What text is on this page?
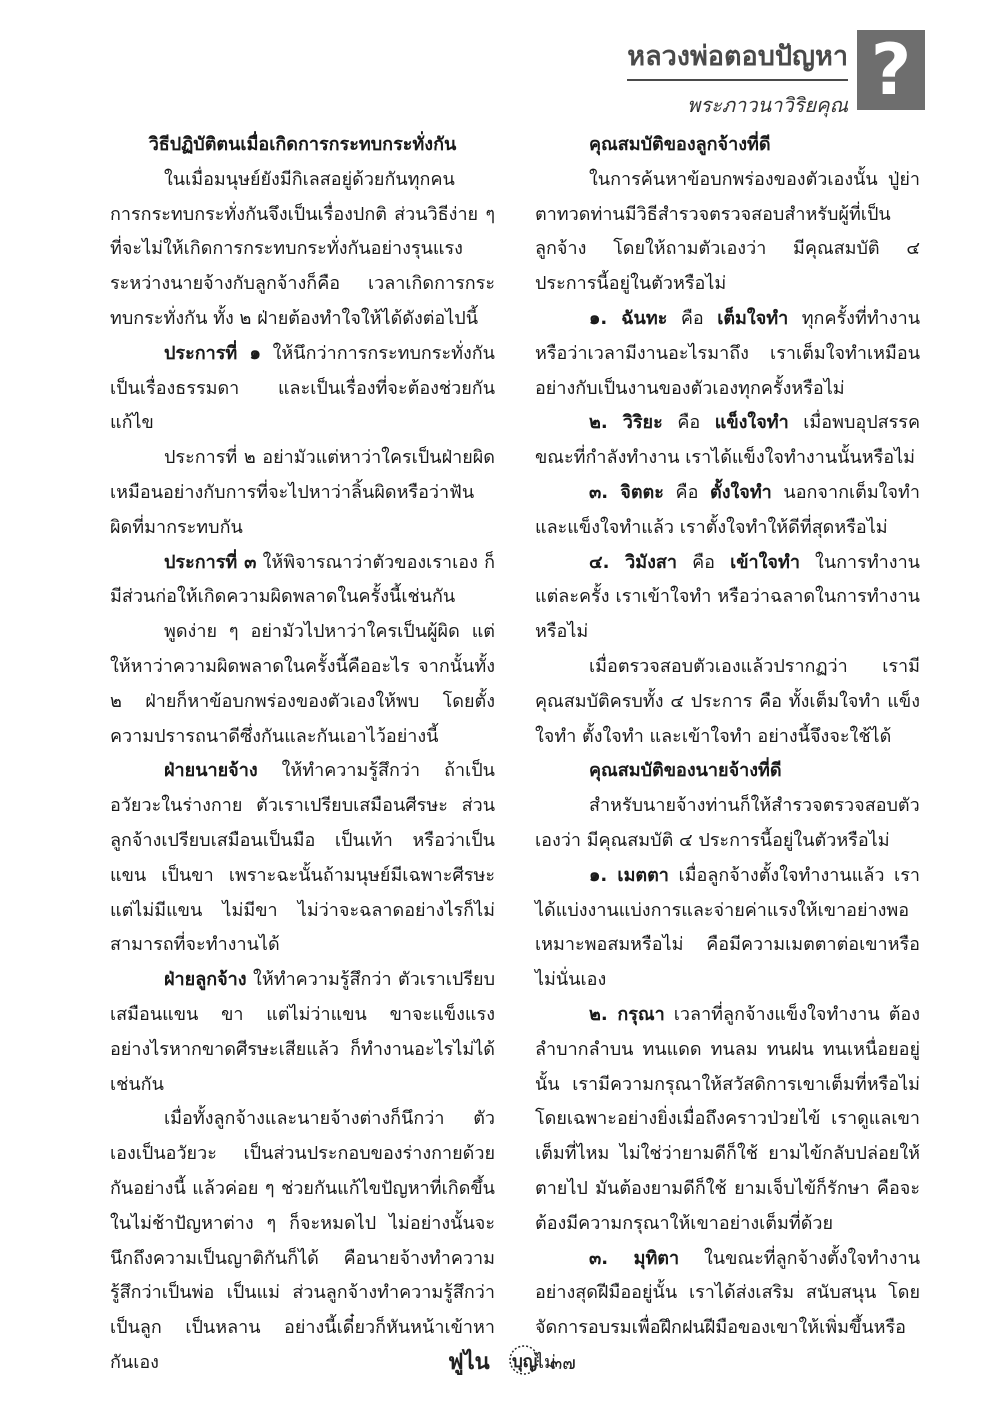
หลวงพ่อตอบปัญหา
พระภาวนาวิริยคุณ ?
วิธีปฏิบัติตนเมื่อเกิดการกระทบกระทั่งกัน

ในเมื่อมนุษย์ยังมีกิเลสอยู่ด้วยกันทุกคน การกระทบกระทั่งกันจึงเป็นเรื่องปกติ ส่วนวิธีง่าย ๆ ที่จะไม่ให้เกิดการกระทบกระทั่งกันอย่างรุนแรงระหว่างนายจ้างกับลูกจ้างก็คือ เวลาเกิดการกระทบกระทั่งกัน ทั้ง ๒ ฝ่ายต้องทำใจให้ได้ดังต่อไปนี้

ประการที่ ๑ ให้นึกว่าการกระทบกระทั่งกันเป็นเรื่องธรรมดา และเป็นเรื่องที่จะต้องช่วยกันแก้ไข

ประการที่ ๒ อย่ามัวแต่หาว่าใครเป็นฝ่ายผิดเหมือนอย่างกับการที่จะไปหาว่าลิ้นผิดหรือว่าฟันผิดที่มากระทบกัน

ประการที่ ๓ ให้พิจารณาว่าตัวของเราเอง ก็มีส่วนก่อให้เกิดความผิดพลาดในครั้งนี้เช่นกัน

พูดง่าย ๆ อย่ามัวไปหาว่าใครเป็นผู้ผิด แต่ให้หาว่าความผิดพลาดในครั้งนี้คืออะไร จากนั้นทั้ง ๒ ฝ่ายก็หาข้อบกพร่องของตัวเองให้พบ โดยตั้งความปรารถนาดีซึ่งกันและกันเอาไว้อย่างนี้

ฝ่ายนายจ้าง ให้ทำความรู้สึกว่า ถ้าเป็นอวัยวะในร่างกาย ตัวเราเปรียบเสมือนศีรษะ ส่วนลูกจ้างเปรียบเสมือนเป็นมือ เป็นเท้า หรือว่าเป็นแขน เป็นขา เพราะฉะนั้นถ้ามนุษย์มีเฉพาะศีรษะ แต่ไม่มีแขน ไม่มีขา ไม่ว่าจะฉลาดอย่างไรก็ไม่สามารถที่จะทำงานได้

ฝ่ายลูกจ้าง ให้ทำความรู้สึกว่า ตัวเราเปรียบเสมือนแขน ขา แต่ไม่ว่าแขน ขาจะแข็งแรงอย่างไรหากขาดศีรษะเสียแล้ว ก็ทำงานอะไรไม่ได้เช่นกัน

เมื่อทั้งลูกจ้างและนายจ้างต่างก็นึกว่า ตัวเองเป็นอวัยวะ เป็นส่วนประกอบของร่างกายด้วยกันอย่างนี้ แล้วค่อย ๆ ช่วยกันแก้ไขปัญหาที่เกิดขึ้นในไม่ช้าปัญหาต่าง ๆ ก็จะหมดไป ไม่อย่างนั้นจะนึกถึงความเป็นญาติกันก็ได้ คือนายจ้างทำความรู้สึกว่าเป็นพ่อ เป็นแม่ ส่วนลูกจ้างทำความรู้สึกว่าเป็นลูก เป็นหลาน อย่างนี้เดี๋ยวก็หันหน้าเข้าหากันเอง

คุณสมบัติของลูกจ้างที่ดี

ในการค้นหาข้อบกพร่องของตัวเองนั้น ปู่ย่าตาทวดท่านมีวิธีสำรวจตรวจสอบสำหรับผู้ที่เป็นลูกจ้าง โดยให้ถามตัวเองว่า มีคุณสมบัติ ๔ ประการนี้อยู่ในตัวหรือไม่

๑. ฉันทะ คือ เต็มใจทำ ทุกครั้งที่ทำงาน หรือว่าเวลามีงานอะไรมาถึง เราเต็มใจทำเหมือนอย่างกับเป็นงานของตัวเองทุกครั้งหรือไม่

๒. วิริยะ คือ แข็งใจทำ เมื่อพบอุปสรรคขณะที่กำลังทำงาน เราได้แข็งใจทำงานนั้นหรือไม่

๓. จิตตะ คือ ตั้งใจทำ นอกจากเต็มใจทำและแข็งใจทำแล้ว เราตั้งใจทำให้ดีที่สุดหรือไม่

๔. วิมังสา คือ เข้าใจทำ ในการทำงานแต่ละครั้ง เราเข้าใจทำ หรือว่าฉลาดในการทำงานหรือไม่

เมื่อตรวจสอบตัวเองแล้วปรากฏว่า เรามีคุณสมบัติครบทั้ง ๔ ประการ คือ ทั้งเต็มใจทำ แข็งใจทำ ตั้งใจทำ และเข้าใจทำ อย่างนี้จึงจะใช้ได้

คุณสมบัติของนายจ้างที่ดี

สำหรับนายจ้างท่านก็ให้สำรวจตรวจสอบตัวเองว่า มีคุณสมบัติ ๔ ประการนี้อยู่ในตัวหรือไม่

๑. เมตตา เมื่อลูกจ้างตั้งใจทำงานแล้ว เราได้แบ่งงานแบ่งการและจ่ายค่าแรงให้เขาอย่างพอเหมาะพอสมหรือไม่ คือมีความเมตตาต่อเขาหรือไม่นั่นเอง

๒. กรุณา เวลาที่ลูกจ้างแข็งใจทำงาน ต้องลำบากลำบน ทนแดด ทนลม ทนฝน ทนเหนื่อยอยู่นั้น เรามีความกรุณาให้สวัสดิการเขาเต็มที่หรือไม่ โดยเฉพาะอย่างยิ่งเมื่อถึงคราวป่วยไข้ เราดูแลเขาเต็มที่ไหม ไม่ใช่ว่ายามดีก็ใช้ ยามไข้กลับปล่อยให้ตายไป มันต้องยามดีก็ใช้ ยามเจ็บไข้ก็รักษา คือจะต้องมีความกรุณาให้เขาอย่างเต็มที่ด้วย

๓. มุทิตา ในขณะที่ลูกจ้างตั้งใจทำงานอย่างสุดฝีมืออยู่นั้น เราได้ส่งเสริม สนับสนุน โดยจัดการอบรมเพื่อฝึกฝนฝีมือของเขาให้เพิ่มขึ้นหรือไม่

ฟูไน บุญ ๓๗
